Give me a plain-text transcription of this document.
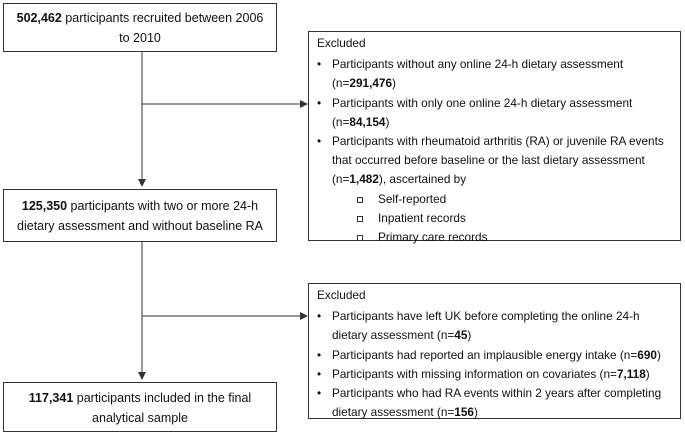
502,462 participants recruited between 2006 to 2010	Excluded
• Participants without any online 24-h dietary assessment (n=291,476)
• Participants with only one online 24-h dietary assessment (n=84,154)
• Participants with rheumatoid arthritis (RA) or juvenile RA events that occurred before baseline or the last dietary assessment (n=1,482), ascertained by
Self-reported
Inpatient records
Primary care records
125,350 participants with two or more 24-h dietary assessment and without baseline RA
Excluded
• Participants have left UK before completing the online 24-h dietary assessment (n=45)
• Participants had reported an implausible energy intake (n=690)
• Participants with missing information on covariates (n=7,118)
• Participants who had RA events within 2 years after completing dietary assessment (n=156)
117,341 participants included in the final analytical sample
